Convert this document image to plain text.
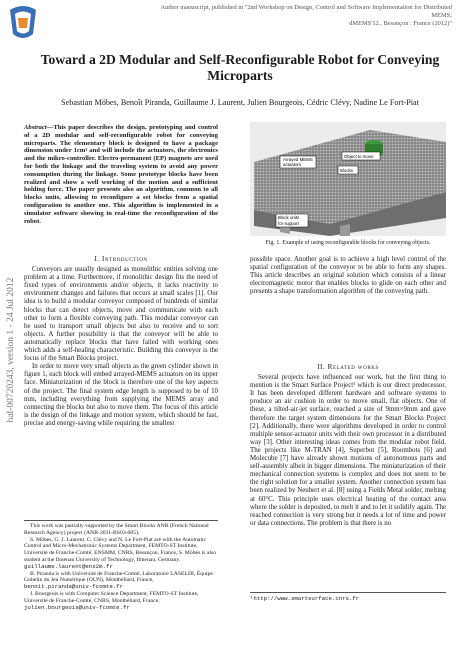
Author manuscript, published in "2nd Workshop on Design, Control and Software Implementation for Distributed MEMS;
dMEMS'12., Besançon : France (2012)"
hal-00720243, version 1 - 24 Jul 2012
Toward a 2D Modular and Self-Reconfigurable Robot for Conveying Microparts
Sebastian Möbes, Benoît Piranda, Guillaume J. Laurent, Julien Bourgeois, Cédric Clévy, Nadine Le Fort-Piat
Abstract—This paper describes the design, prototyping and control of a 2D modular and self-reconfigurable robot for conveying microparts. The elementary block is designed to have a package dimension under 1cm³ and will include the actuators, the electronics and the mikro-controller. Electro-permanent (EP) magnets are used for both the linkage and the traveling system to avoid any power consumption during the linkage. Some prototype blocks have been realized and show a well working of the motion and a sufficient holding force. The paper presents also an algorithm, common to all blocks units, allowing to reconfigure a set blocks from a spatial configuration to another one. This algorithm is implemented in a simulator software showing in real-time the reconfiguration of the robot.

I. Introduction

Conveyors are usually designed as monolithic entities solving one problem at a time. Furthermore, if monolithic design fits the need of fixed types of environments and/or objects, it lacks reactivity to environment changes and failures that occurs at small scales [1]. Our idea is to build a modular conveyor composed of hundreds of similar blocks that can detect objects, move and communicate with each other to form a flexible conveying path. This modular conveyor can be used to transport small objects but also to receive and to sort objects. A further possibility is that the conveyor will be able to automatically replace blocks that have failed with working ones which adds a self-healing characteristic. Building this conveyor is the focus of the Smart Blocks project.

In order to move very small objects as the green cylinder shown in figure 1, each block will embed arrayed-MEMS actuators on its upper face. Miniaturization of the block is therefore one of the key aspects of the project. The final system edge length is supposed to be of 10 mm, including everything from supplying the MEMS array and connecting the blocks but also to move them. The focus of this article is the design of the linkage and motion system, which should be fast, precise and energy-saving while requiring the smallest

This work was partially supported by the Smart Blocks ANR (French National Research Agency) project (ANR-2011-BS03-005).

S. Möbes, G. J. Laurent, C. Clévy and N. Le Fort-Piat are with the Automatic Control and Micro-Mechatronic Systems Department, FEMTO-ST Institute, Université de Franche-Comté, ENSMM, CNRS, Besançon, France, S. Möbes is also student at the Ilmenau University of Technology, Ilmenau, Germany. guillaume.laurent@ens2m.fr

B. Piranda is with Université de Franche-Comté, Laboratoire LASELDI, Équipe Gobelin du Jeu Numérique (OUN), Montbéliard, France, benoit.piranda@univ-fcomte.fr

J. Bourgeois is with Computer Science Department, FEMTO-ST Institute, Université de Franche-Comté, CNRS, Montbéliard, France, julien.bourgeois@univ-fcomte.fr

Arrayed MEMS
actuators
Object to move
Blocks
Block units
for support
Fig. 1. Example of using reconfigurable blocks for conveying objects.

possible space. Another goal is to achieve a high level control of the spatial configuration of the conveyor to be able to form any shapes. This article describes an original solution which consists of a linear electromagnetic motor that enables blocks to glide on each other and presents a shape transformation algorithm of the conveying path.

II. Related works

Several projects have influenced our work, but the first thing to mention is the Smart Surface Project¹ which is our direct predecessor. It has been developed different hardware and software systems to produce an air cushion in order to move small, flat objects. One of these, a tilted-air-jet surface, reached a size of 9mm×9mm and gave therefore the target system dimensions for the Smart Blocks Project [2]. Additionally, there were algorithms developed in order to control multiple sensor-actuator units with their own processor in a distributed way [3]. Other interesting ideas comes from the modular robot field. The projects like M-TRAN [4], Superbot [5], Roombots [6] and Molecube [7] have already shown motions of autonomous parts and self-assembly albeit in bigger dimensions. The miniaturization of their mechanical connection systems is complex and does not seem to be the right solution for a smaller system. Another connection system has been realized by Neubert et al. [8] using a Fields Metal solder, melting at 60°C. This principle uses electrical heating of the contact area where the solder is deposited, to melt it and to let it solidify again. The reached connection is very strong but it needs a lot of time and power or data connections. The problem is that there is no

¹http://www.smartsurface.cnrs.fr
